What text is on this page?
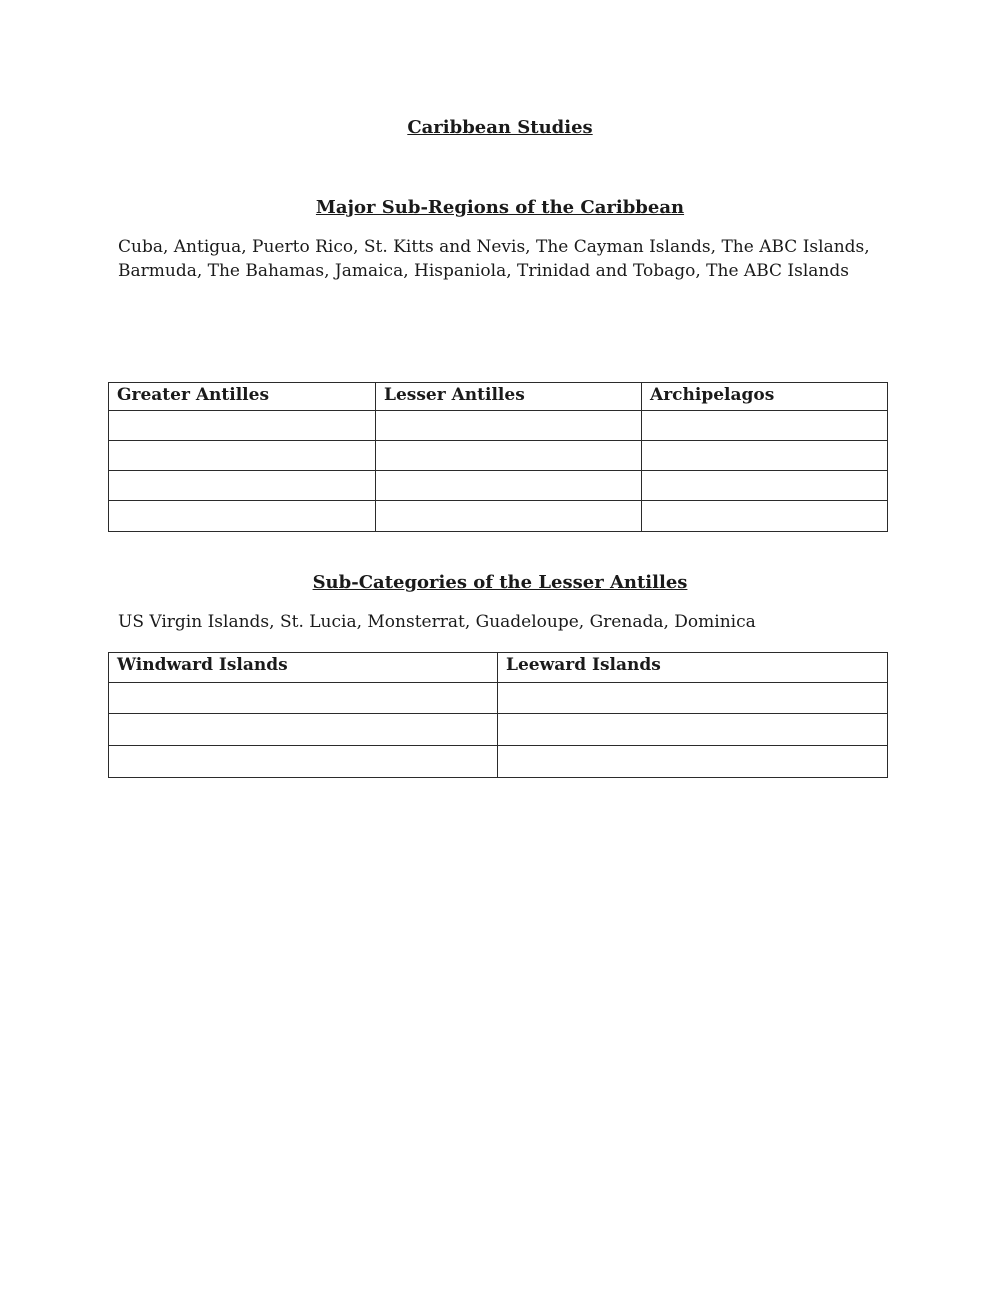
Caribbean Studies
Major Sub-Regions of the Caribbean
Cuba, Antigua, Puerto Rico, St. Kitts and Nevis, The Cayman Islands, The ABC Islands,
Barmuda, The Bahamas, Jamaica, Hispaniola, Trinidad and Tobago, The ABC Islands
Greater Antilles	Lesser Antilles	Archipelagos

Sub-Categories of the Lesser Antilles
US Virgin Islands, St. Lucia, Monsterrat, Guadeloupe, Grenada, Dominica
Windward Islands	Leeward Islands
